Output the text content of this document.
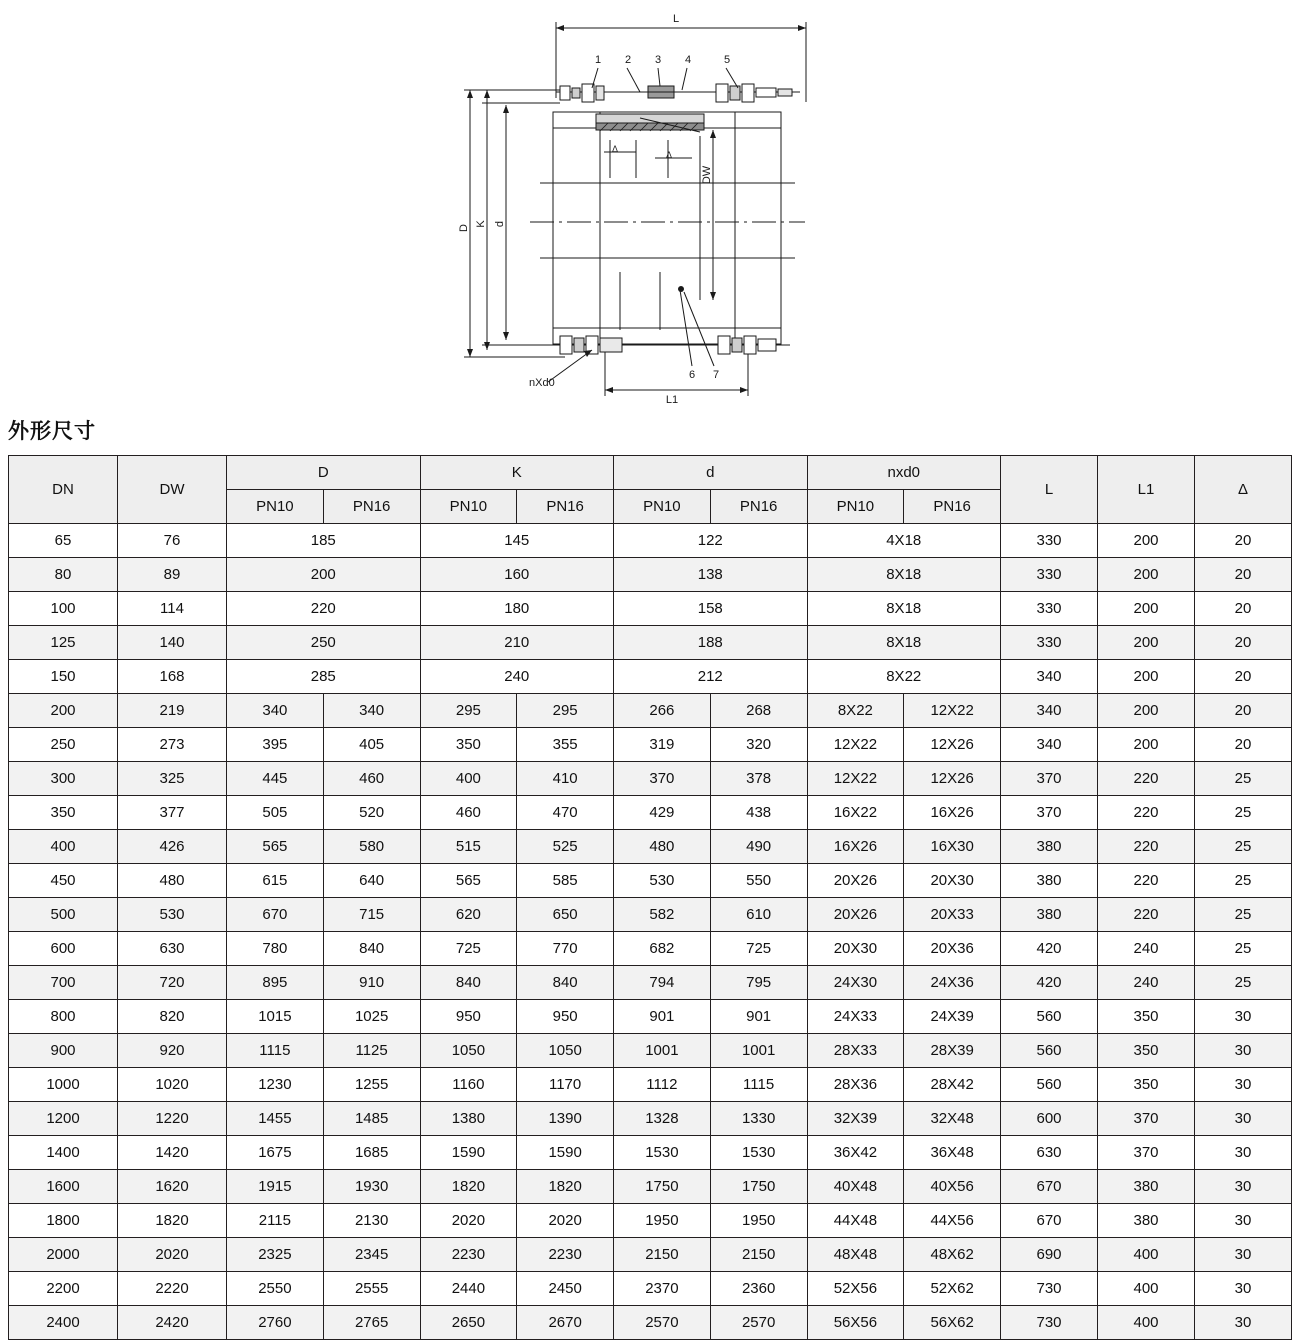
L
L1
D
K d
DW
nXd0
Δ
Δ
1 2 3 4	5
6 7
外形尺寸
DN	DW	D		K		d		nxd0		L	L1	Δ
		PN10	PN16	PN10	PN16	PN10	PN16	PN10	PN16			
65	76	185		145		122		4X18		330	200	20
80	89	200		160		138		8X18		330	200	20
100	114	220		180		158		8X18		330	200	20
125	140	250		210		188		8X18		330	200	20
150	168	285		240		212		8X22		340	200	20
200	219	340	340	295	295	266	268	8X22	12X22	340	200	20
250	273	395	405	350	355	319	320	12X22	12X26	340	200	20
300	325	445	460	400	410	370	378	12X22	12X26	370	220	25
350	377	505	520	460	470	429	438	16X22	16X26	370	220	25
400	426	565	580	515	525	480	490	16X26	16X30	380	220	25
450	480	615	640	565	585	530	550	20X26	20X30	380	220	25
500	530	670	715	620	650	582	610	20X26	20X33	380	220	25
600	630	780	840	725	770	682	725	20X30	20X36	420	240	25
700	720	895	910	840	840	794	795	24X30	24X36	420	240	25
800	820	1015	1025	950	950	901	901	24X33	24X39	560	350	30
900	920	1115	1125	1050	1050	1001	1001	28X33	28X39	560	350	30
1000	1020	1230	1255	1160	1170	1112	1115	28X36	28X42	560	350	30
1200	1220	1455	1485	1380	1390	1328	1330	32X39	32X48	600	370	30
1400	1420	1675	1685	1590	1590	1530	1530	36X42	36X48	630	370	30
1600	1620	1915	1930	1820	1820	1750	1750	40X48	40X56	670	380	30
1800	1820	2115	2130	2020	2020	1950	1950	44X48	44X56	670	380	30
2000	2020	2325	2345	2230	2230	2150	2150	48X48	48X62	690	400	30
2200	2220	2550	2555	2440	2450	2370	2360	52X56	52X62	730	400	30
2400	2420	2760	2765	2650	2670	2570	2570	56X56	56X62	730	400	30
